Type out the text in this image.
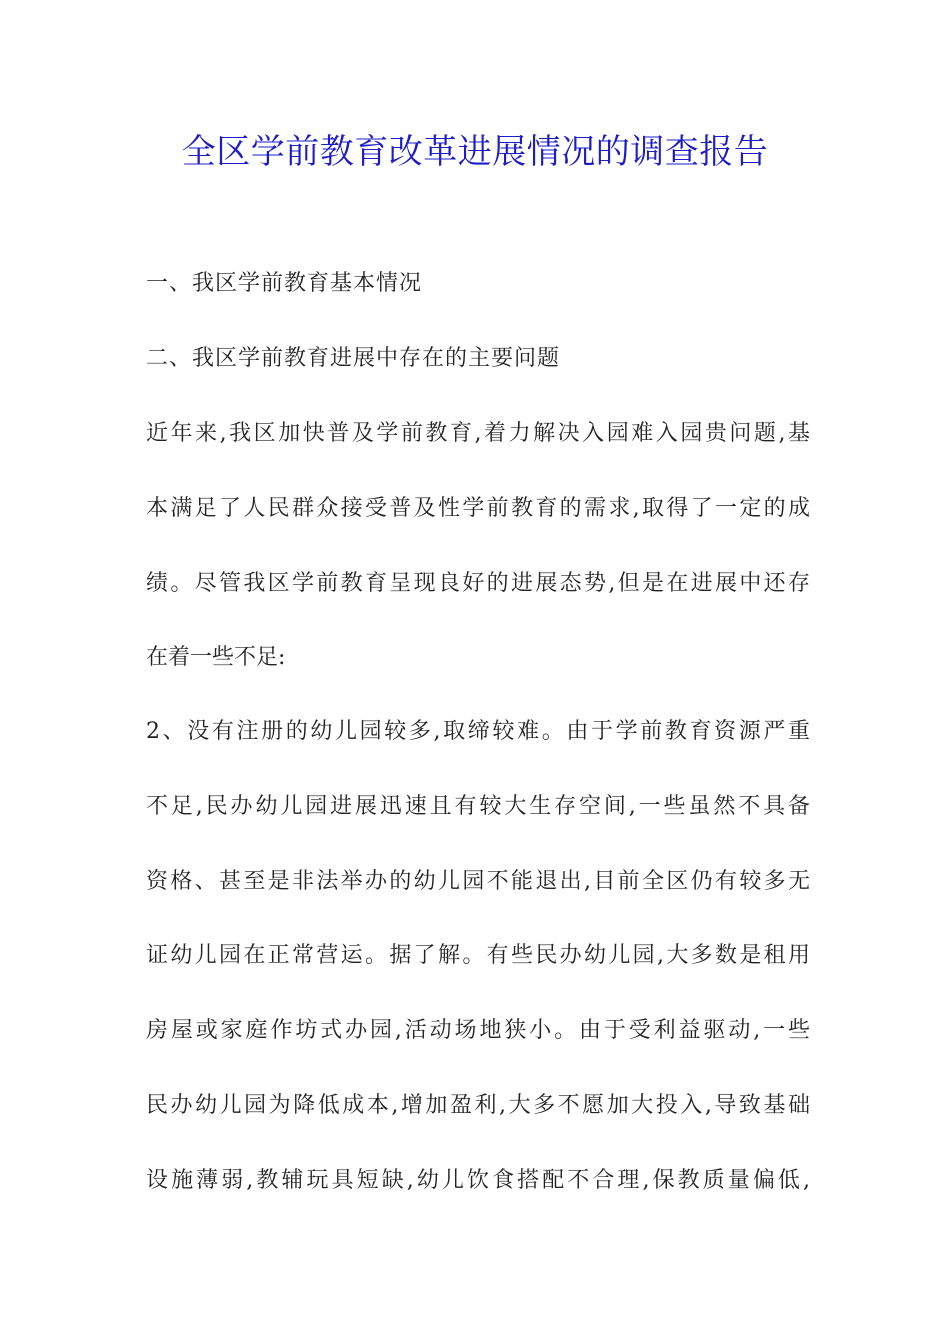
全区学前教育改革进展情况的调查报告
一、我区学前教育基本情况
二、我区学前教育进展中存在的主要问题
近年来,我区加快普及学前教育,着力解决入园难入园贵问题,基
本满足了人民群众接受普及性学前教育的需求,取得了一定的成
绩。尽管我区学前教育呈现良好的进展态势,但是在进展中还存
在着一些不足:
2、没有注册的幼儿园较多,取缔较难。由于学前教育资源严重
不足,民办幼儿园进展迅速且有较大生存空间,一些虽然不具备
资格、甚至是非法举办的幼儿园不能退出,目前全区仍有较多无
证幼儿园在正常营运。据了解。有些民办幼儿园,大多数是租用
房屋或家庭作坊式办园,活动场地狭小。由于受利益驱动,一些
民办幼儿园为降低成本,增加盈利,大多不愿加大投入,导致基础
设施薄弱,教辅玩具短缺,幼儿饮食搭配不合理,保教质量偏低,
